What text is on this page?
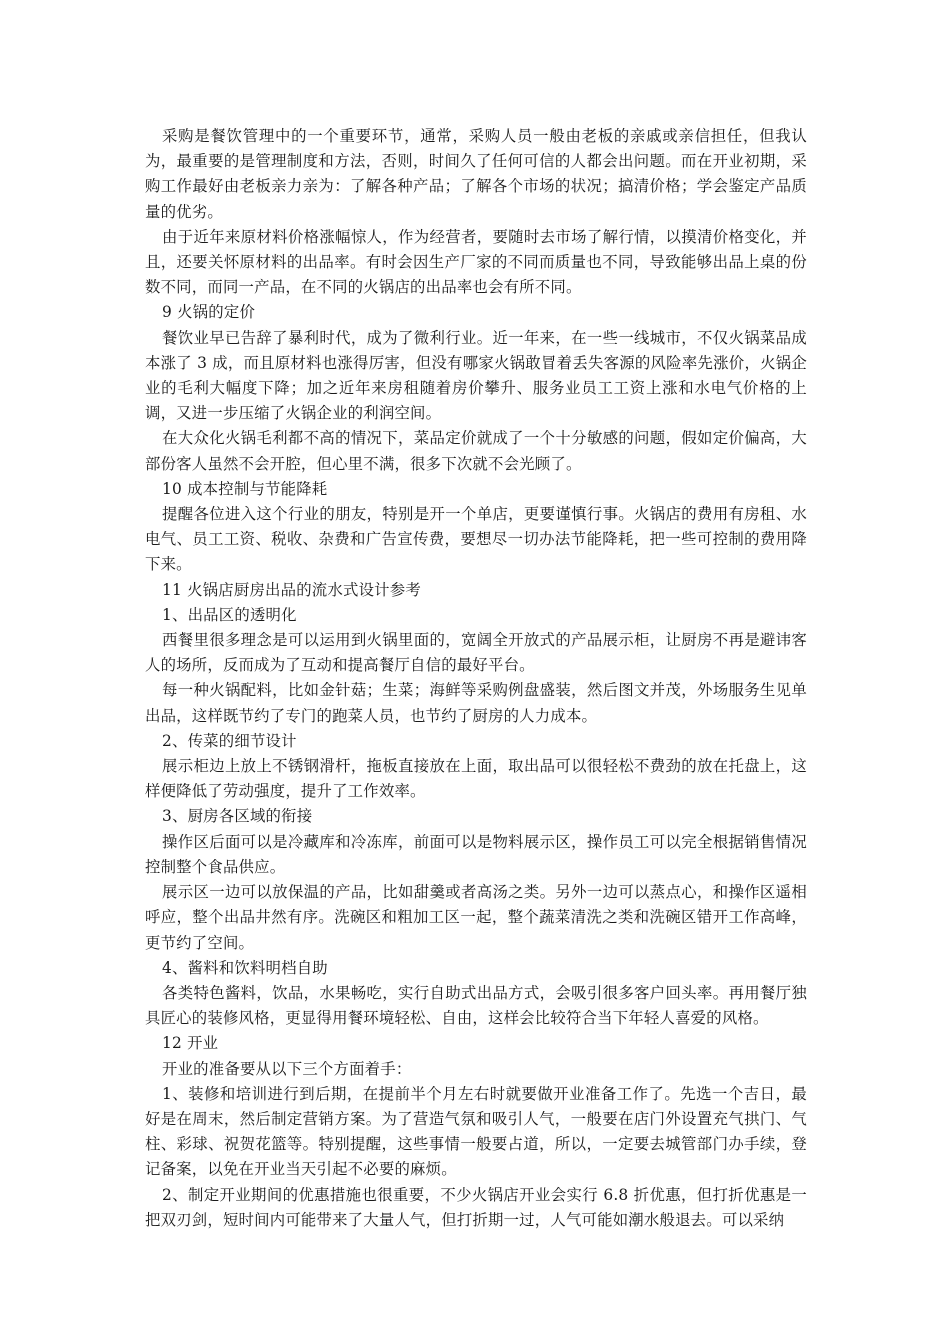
采购是餐饮管理中的一个重要环节，通常，采购人员一般由老板的亲戚或亲信担任，但我认为，最重要的是管理制度和方法，否则，时间久了任何可信的人都会出问题。而在开业初期，采购工作最好由老板亲力亲为：了解各种产品；了解各个市场的状况；搞清价格；学会鉴定产品质量的优劣。

由于近年来原材料价格涨幅惊人，作为经营者，要随时去市场了解行情，以摸清价格变化，并且，还要关怀原材料的出品率。有时会因生产厂家的不同而质量也不同，导致能够出品上桌的份数不同，而同一产品，在不同的火锅店的出品率也会有所不同。

9 火锅的定价

餐饮业早已告辞了暴利时代，成为了微利行业。近一年来，在一些一线城市，不仅火锅菜品成本涨了 3 成，而且原材料也涨得厉害，但没有哪家火锅敢冒着丢失客源的风险率先涨价，火锅企业的毛利大幅度下降；加之近年来房租随着房价攀升、服务业员工工资上涨和水电气价格的上调，又进一步压缩了火锅企业的利润空间。

在大众化火锅毛利都不高的情况下，菜品定价就成了一个十分敏感的问题，假如定价偏高，大部份客人虽然不会开腔，但心里不满，很多下次就不会光顾了。

10 成本控制与节能降耗

提醒各位进入这个行业的朋友，特别是开一个单店，更要谨慎行事。火锅店的费用有房租、水电气、员工工资、税收、杂费和广告宣传费，要想尽一切办法节能降耗，把一些可控制的费用降下来。

11 火锅店厨房出品的流水式设计参考

1、出品区的透明化

西餐里很多理念是可以运用到火锅里面的，宽阔全开放式的产品展示柜，让厨房不再是避讳客人的场所，反而成为了互动和提高餐厅自信的最好平台。

每一种火锅配料，比如金针菇；生菜；海鲜等采购例盘盛装，然后图文并茂，外场服务生见单出品，这样既节约了专门的跑菜人员，也节约了厨房的人力成本。

2、传菜的细节设计

展示柜边上放上不锈钢滑杆，拖板直接放在上面，取出品可以很轻松不费劲的放在托盘上，这样便降低了劳动强度，提升了工作效率。

3、厨房各区域的衔接

操作区后面可以是冷藏库和冷冻库，前面可以是物料展示区，操作员工可以完全根据销售情况控制整个食品供应。

展示区一边可以放保温的产品，比如甜羹或者高汤之类。另外一边可以蒸点心，和操作区遥相呼应，整个出品井然有序。洗碗区和粗加工区一起，整个蔬菜清洗之类和洗碗区错开工作高峰，更节约了空间。

4、酱料和饮料明档自助

各类特色酱料，饮品，水果畅吃，实行自助式出品方式，会吸引很多客户回头率。再用餐厅独具匠心的装修风格，更显得用餐环境轻松、自由，这样会比较符合当下年轻人喜爱的风格。

12 开业

开业的准备要从以下三个方面着手：

1、装修和培训进行到后期，在提前半个月左右时就要做开业准备工作了。先选一个吉日，最好是在周末，然后制定营销方案。为了营造气氛和吸引人气，一般要在店门外设置充气拱门、气柱、彩球、祝贺花篮等。特别提醒，这些事情一般要占道，所以，一定要去城管部门办手续，登记备案，以免在开业当天引起不必要的麻烦。

2、制定开业期间的优惠措施也很重要，不少火锅店开业会实行 6.8 折优惠，但打折优惠是一把双刃剑，短时间内可能带来了大量人气，但打折期一过，人气可能如潮水般退去。可以采纳
